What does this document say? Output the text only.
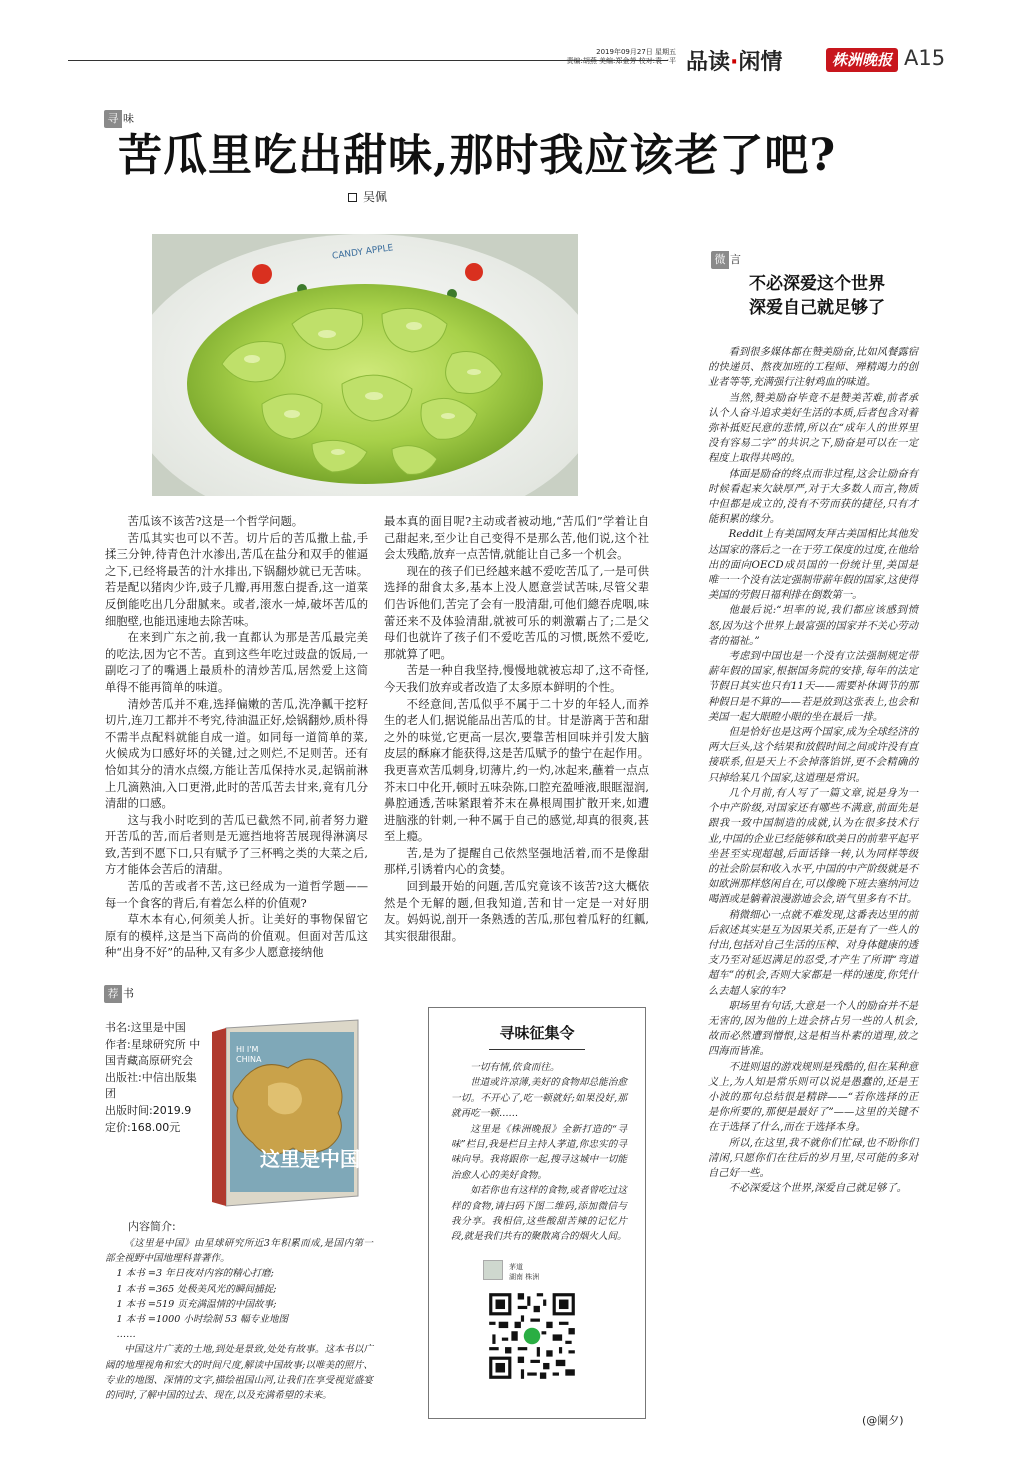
2019年09月27日 星期五
责编:胡燕 美编:郑金芳 校对:袁一平 品读·闲情	株洲晚报 A15
寻 味
苦瓜里吃出甜味,那时我应该老了吧?
吴佩
CANDY APPLE

苦瓜该不该苦?这是一个哲学问题。

苦瓜其实也可以不苦。切片后的苦瓜撒上盐,手揉三分钟,待青色汁水渗出,苦瓜在盐分和双手的催逼之下,已经将最苦的汁水排出,下锅翻炒就已无苦味。若是配以猪肉少许,豉子几瓣,再用葱白提香,这一道菜反倒能吃出几分甜腻来。或者,滚水一焯,破坏苦瓜的细胞壁,也能迅速地去除苦味。

在来到广东之前,我一直都认为那是苦瓜最完美的吃法,因为它不苦。直到这些年吃过豉盘的饭局,一副吃刁了的嘴遇上最质朴的清炒苦瓜,居然爱上这简单得不能再简单的味道。

清炒苦瓜并不难,选择偏嫩的苦瓜,洗净瓤干挖籽切片,连刀工都并不考究,待油温正好,烩锅翻炒,质朴得不需半点配料就能自成一道。如同每一道简单的菜,火候成为口感好坏的关键,过之则烂,不足则苦。还有恰如其分的清水点缀,方能让苦瓜保持水灵,起锅前淋上几滴熟油,入口更滑,此时的苦瓜苦去甘来,竟有几分清甜的口感。

这与我小时吃到的苦瓜已截然不同,前者努力避开苦瓜的苦,而后者则是无遮挡地将苦展现得淋漓尽致,苦到不愿下口,只有赋予了三杯鸭之类的大菜之后,方才能体会苦后的清甜。

苦瓜的苦或者不苦,这已经成为一道哲学题——每一个食客的背后,有着怎么样的价值观?

草木本有心,何须美人折。让美好的事物保留它原有的模样,这是当下高尚的价值观。但面对苦瓜这种“出身不好”的品种,又有多少人愿意接纳他

最本真的面目呢?主动或者被动地,“苦瓜们”学着让自己甜起来,至少让自己变得不是那么苦,他们说,这个社会太残酷,放弃一点苦情,就能让自己多一个机会。

现在的孩子们已经越来越不爱吃苦瓜了,一是可供选择的甜食太多,基本上没人愿意尝试苦味,尽管父辈们告诉他们,苦完了会有一股清甜,可他们總吞虎咽,味蕾还来不及体验清甜,就被可乐的刺激霸占了;二是父母们也就许了孩子们不爱吃苦瓜的习惯,既然不爱吃,那就算了吧。

苦是一种自我坚持,慢慢地就被忘却了,这不奇怪,今天我们放弃或者改造了太多原本鲜明的个性。

不经意间,苦瓜似乎不属于二十岁的年轻人,而养生的老人们,据说能品出苦瓜的甘。甘是游离于苦和甜之外的味觉,它更高一层次,要靠苦相回味并引发大脑皮层的酥麻才能获得,这是苦瓜赋予的蛰宁在起作用。我更喜欢苦瓜刺身,切薄片,约一灼,冰起来,蘸着一点点芥末口中化开,顿时五味杂陈,口腔充盈唾液,眼眶湿润,鼻腔通透,苦味紧跟着芥末在鼻根周围扩散开来,如遭进脑涨的针刺,一种不属于自己的感觉,却真的很爽,甚至上瘾。

苦,是为了提醒自己依然坚强地活着,而不是像甜那样,引诱着内心的贪婪。

回到最开始的问题,苦瓜究竟该不该苦?这大概依然是个无解的题,但我知道,苦和甘一定是一对好朋友。妈妈说,剖开一条熟透的苦瓜,那包着瓜籽的红瓤,其实很甜很甜。

微 言
不必深爱这个世界
深爱自己就足够了

看到很多媒体都在赞美励奋,比如风餐露宿的快递员、熬夜加班的工程师、殚精竭力的创业者等等,充满强行注射鸡血的味道。

当然,赞美励奋毕竟不是赞美苦难,前者承认个人奋斗追求美好生活的本质,后者包含对着弥补抵贬民意的悲情,所以在“成年人的世界里没有容易二字”的共识之下,励奋是可以在一定程度上取得共鸣的。

体面是励奋的终点而非过程,这会让励奋有时候看起来欠缺厚严,对于大多数人而言,物质中但都是成立的,没有不劳而获的捷径,只有才能积累的缘分。

Reddit上有美国网友拜古美国相比其他发达国家的落后之一在于劳工保度的过度,在他给出的面向OECD成员国的一份统计里,美国是唯一一个没有法定强制带薪年假的国家,这使得美国的劳假日福利排在倒数第一。

他最后说:“坦率的说,我们都应该感到愤怒,因为这个世界上最富强的国家并不关心劳动者的福祉。”

考虑到中国也是一个没有立法强制规定带薪年假的国家,根据国务院的安排,每年的法定节假日其实也只有11天——需要补休调节的那种假日是不算的——若是放到这张表上,也会和美国一起大眼瞪小眼的坐在最后一排。

但是恰好也是这两个国家,成为全球经济的两大巨头,这个结果和放假时间之间或许没有直接联系,但是天上不会掉落馅饼,更不会精确的只掉给某几个国家,这道理是常识。

几个月前,有人写了一篇文章,说是身为一个中产阶级,对国家还有哪些不满意,前面先是跟我一致中国制造的成就,认为在很多技术行业,中国的企业已经能够和欧美日的前辈平起平坐甚至实现超越,后面话锋一转,认为同样等级的社会阶层和收入水平,中国的中产阶级就是不如欧洲那样悠闲自在,可以像晚下班去塞纳河边喝酒或是躺着浪漫游迪会会,语气里多有不甘。

稍微细心一点就不难发现,这番表达里的前后叙述其实是互为因果关系,正是有了一些人的付出,包括对自己生活的压榨、对身体健康的透支乃至对延迟满足的忍受,才产生了所谓“弯道超车”的机会,否则大家都是一样的速度,你凭什么去超人家的车?

职场里有句话,大意是一个人的励奋并不是无害的,因为他的上进会挤占另一些的人机会,故而必然遭到憎恨,这是相当朴素的道理,放之四海而皆准。

不进则退的游戏规则是残酷的,但在某种意义上,为人知是常乐则可以说是愚蠢的,还是王小波的那句总结很是精辟——“若你选择的正是你所要的,那便是最好了”——这里的关键不在于选择了什么,而在于选择本身。

所以,在这里,我不就你们忙碌,也不盼你们清闲,只愿你们在往后的岁月里,尽可能的多对自己好一些。

不必深爱这个世界,深爱自己就足够了。

(@阑夕)
荐 书
书名:这里是中国
作者:星球研究所 中国青藏高原研究会
出版社:中信出版集团
出版时间:2019.9
定价:168.00元
HI I'M
CHINA
这里是中国
内容简介:

《这里是中国》由星球研究所近3年积累而成,是国内第一部全视野中国地理科普著作。

1 本书 =3 年日夜对内容的精心打磨;
1 本书 =365 处极美风光的瞬间捕捉;
1 本书 =519 页充满温情的中国故事;
1 本书 =1000 小时绘制 53 幅专业地图
……

中国这片广袤的土地,到处是景致,处处有故事。这本书以广阔的地理视角和宏大的时间尺度,解读中国故事;以唯美的照片、专业的地图、深情的文字,描绘祖国山河,让我们在享受视觉盛宴的同时,了解中国的过去、现在,以及充满希望的未来。

寻味征集令

一切有情,依食而往。

世道或许凉薄,美好的食物却总能治愈一切。不开心了,吃一顿就好;如果没好,那就再吃一顿……

这里是《株洲晚报》全新打造的“寻味”栏目,我是栏目主持人茅道,你忠实的寻味向导。我将跟你一起,搜寻这城中一切能治愈人心的美好食物。

如若你也有这样的食物,或者曾吃过这样的食物,请扫码下图二维码,添加微信与我分享。我相信,这些酸甜苦辣的记忆片段,就是我们共有的聚散离合的烟火人间。

茅道
湖南 株洲
